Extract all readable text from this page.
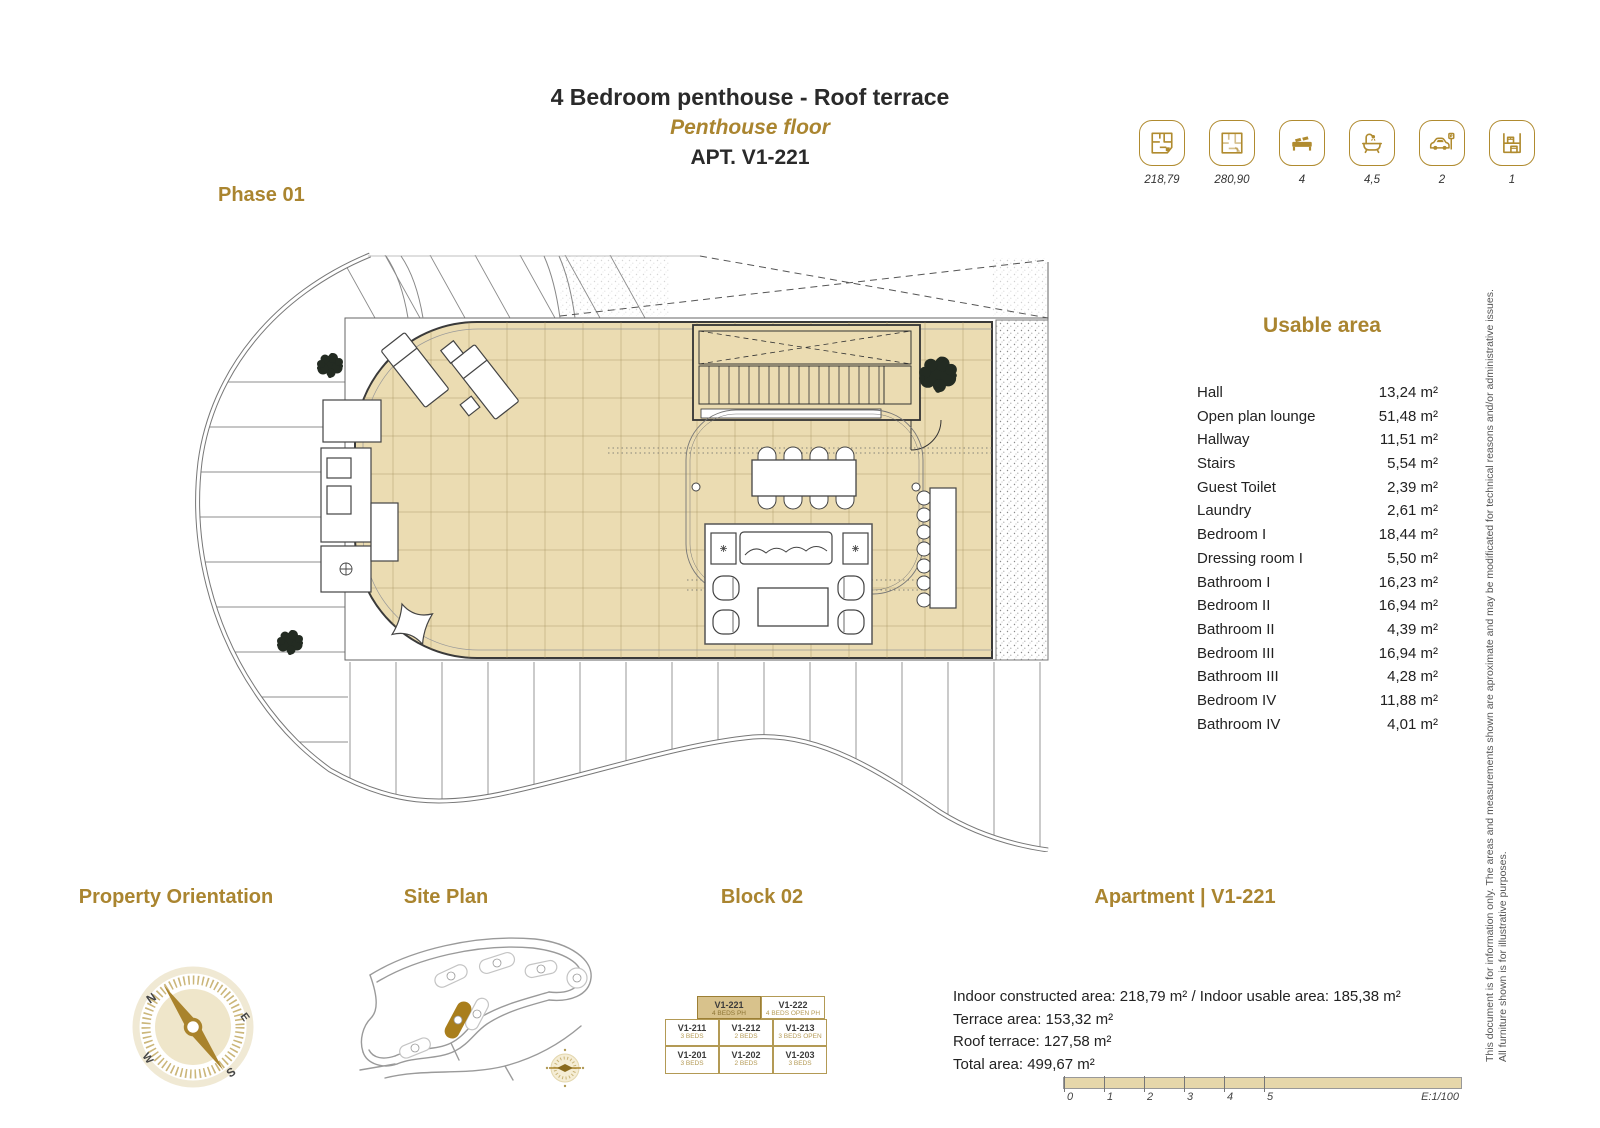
4 Bedroom penthouse - Roof terrace
Penthouse floor
APT. V1-221
Phase 01
218,79	280,90	4	4,5	2	1
Usable area
Hall	13,24 m²
Open plan lounge	51,48 m²
Hallway	11,51 m²
Stairs	5,54 m²
Guest Toilet	2,39 m²
Laundry	2,61 m²
Bedroom I	18,44 m²
Dressing room I	5,50 m²
Bathroom I	16,23 m²
Bedroom II	16,94 m²
Bathroom II	4,39 m²
Bedroom III	16,94 m²
Bathroom III	4,28 m²
Bedroom IV	11,88 m²
Bathroom IV	4,01 m²
Property Orientation	Site Plan	Block 02	Apartment | V1-221
N
E
W
S
V1-221
4 BEDS PH
V1-222
4 BEDS OPEN PH
V1-211
3 BEDS
V1-212
2 BEDS
V1-213
3 BEDS OPEN
V1-201
3 BEDS
V1-202
2 BEDS
V1-203
3 BEDS
Indoor constructed area: 218,79 m² / Indoor usable area: 185,38 m²
Terrace area: 153,32 m²
Roof terrace: 127,58 m²
Total area: 499,67 m²
0	1	2	3	4	5	E:1/100
This document is for information only. The areas and measurements shown are aproximate and may be modificated for technical reasons and/or administrative issues. All furniture shown is for illustrative purposes.
